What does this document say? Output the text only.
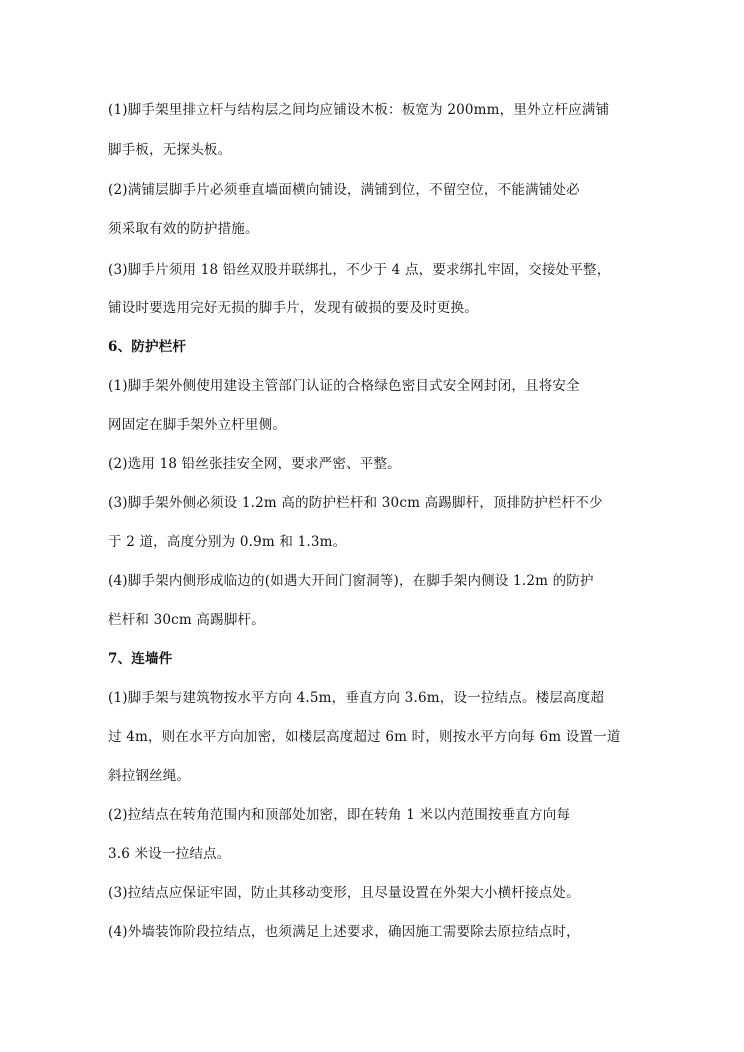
(1)脚手架里排立杆与结构层之间均应铺设木板：板宽为 200mm，里外立杆应满铺
脚手板，无探头板。
(2)满铺层脚手片必须垂直墙面横向铺设，满铺到位，不留空位，不能满铺处必
须采取有效的防护措施。
(3)脚手片须用 18 铅丝双股并联绑扎，不少于 4 点，要求绑扎牢固，交接处平整，
铺设时要选用完好无损的脚手片，发现有破损的要及时更换。
6、防护栏杆
(1)脚手架外侧使用建设主管部门认证的合格绿色密目式安全网封闭，且将安全
网固定在脚手架外立杆里侧。
(2)选用 18 铅丝张挂安全网，要求严密、平整。
(3)脚手架外侧必须设 1.2m 高的防护栏杆和 30cm 高踢脚杆，顶排防护栏杆不少
于 2 道，高度分别为 0.9m 和 1.3m。
(4)脚手架内侧形成临边的(如遇大开间门窗洞等)，在脚手架内侧设 1.2m 的防护
栏杆和 30cm 高踢脚杆。
7、连墙件
(1)脚手架与建筑物按水平方向 4.5m，垂直方向 3.6m，设一拉结点。楼层高度超
过 4m，则在水平方向加密，如楼层高度超过 6m 时，则按水平方向每 6m 设置一道
斜拉钢丝绳。
(2)拉结点在转角范围内和顶部处加密，即在转角 1 米以内范围按垂直方向每
3.6 米设一拉结点。
(3)拉结点应保证牢固，防止其移动变形，且尽量设置在外架大小横杆接点处。
(4)外墙装饰阶段拉结点，也须满足上述要求，确因施工需要除去原拉结点时，
